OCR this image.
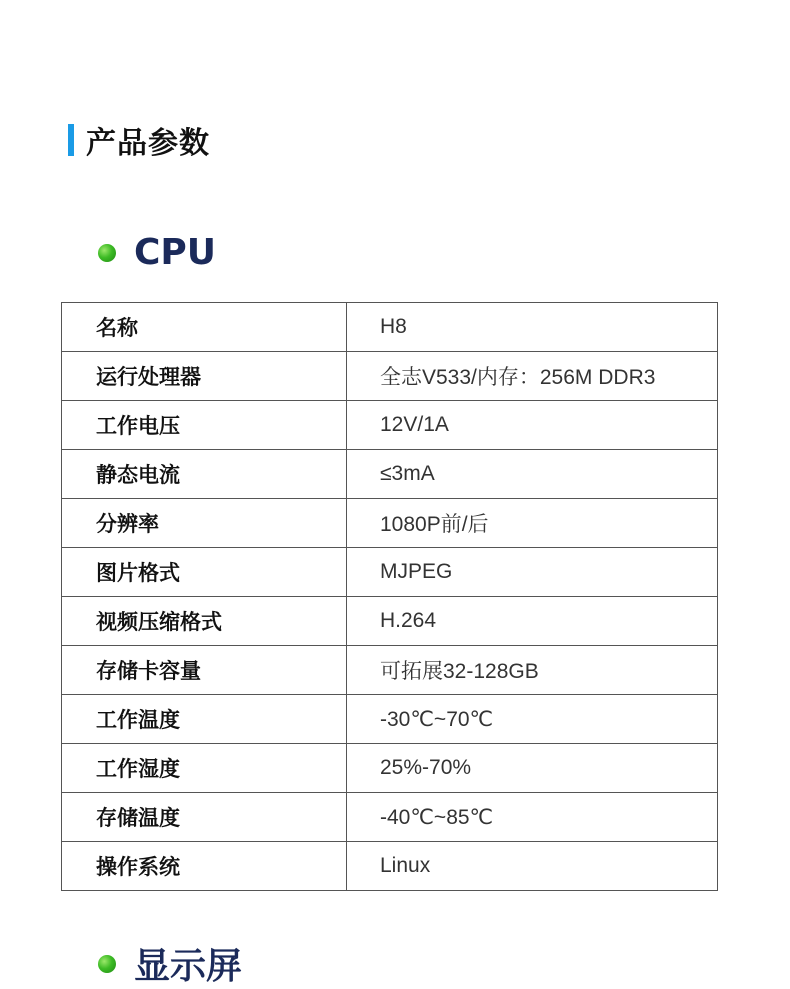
产品参数
CPU
名称	H8
运行处理器	全志V533/内存：256M DDR3
工作电压	12V/1A
静态电流	≤3mA
分辨率	1080P前/后
图片格式	MJPEG
视频压缩格式	H.264
存储卡容量	可拓展32-128GB
工作温度	-30℃~70℃
工作湿度	25%-70%
存储温度	-40℃~85℃
操作系统	Linux
显示屏
